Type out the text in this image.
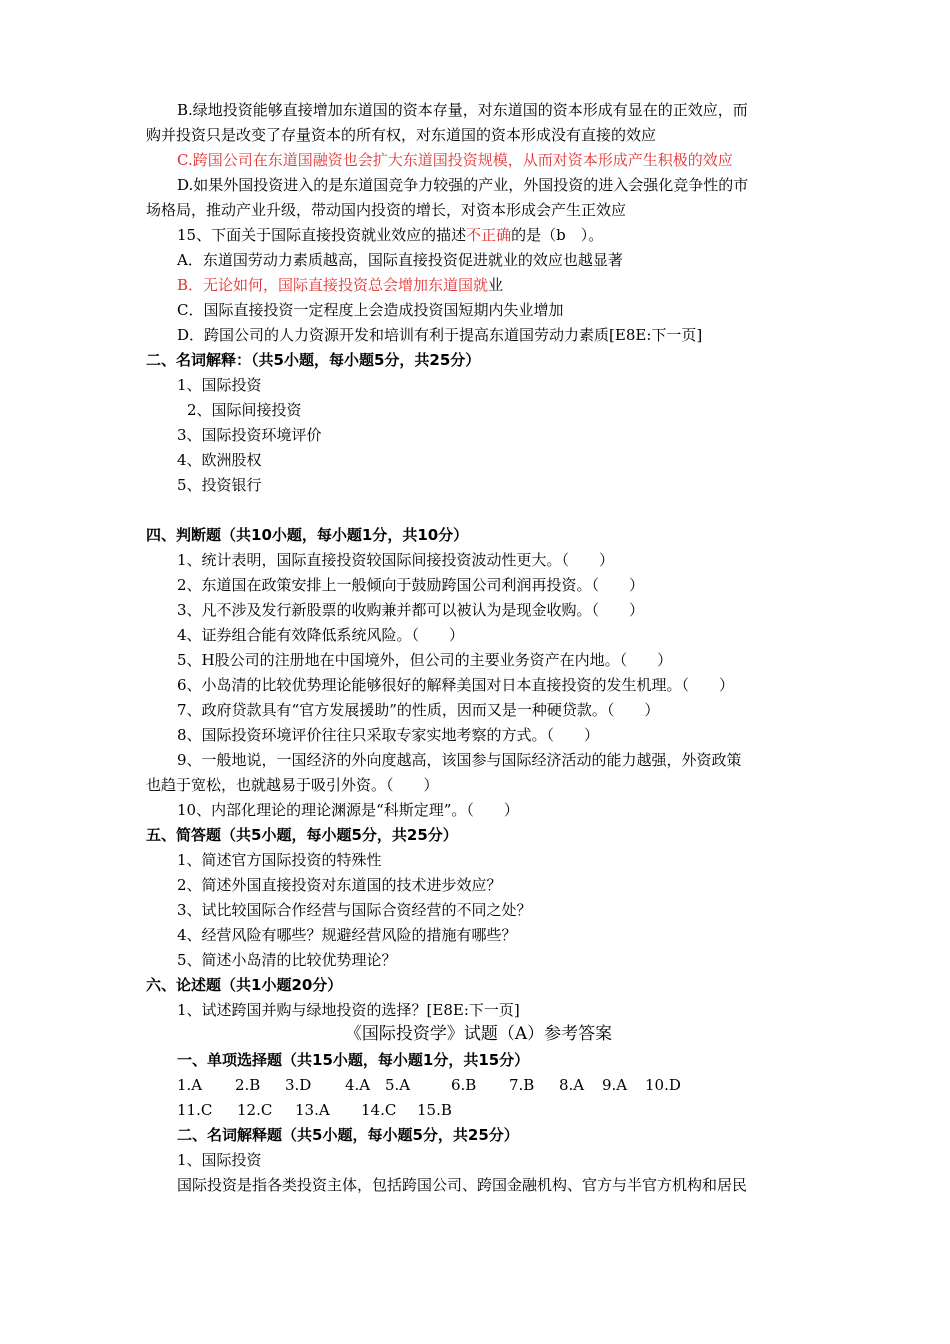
B.绿地投资能够直接增加东道国的资本存量，对东道国的资本形成有显在的正效应，而
购并投资只是改变了存量资本的所有权，对东道国的资本形成没有直接的效应
C.跨国公司在东道国融资也会扩大东道国投资规模，从而对资本形成产生积极的效应
D.如果外国投资进入的是东道国竞争力较强的产业，外国投资的进入会强化竞争性的市
场格局，推动产业升级，带动国内投资的增长，对资本形成会产生正效应
15、下面关于国际直接投资就业效应的描述不正确的是（b　）。
A．东道国劳动力素质越高，国际直接投资促进就业的效应也越显著
B．无论如何，国际直接投资总会增加东道国就业
C．国际直接投资一定程度上会造成投资国短期内失业增加
D．跨国公司的人力资源开发和培训有利于提高东道国劳动力素质[E8E:下一页]
二、名词解释：（共5小题，每小题5分，共25分）
1、国际投资
2、国际间接投资
3、国际投资环境评价
4、欧洲股权
5、投资银行
四、判断题（共10小题，每小题1分，共10分）
1、统计表明，国际直接投资较国际间接投资波动性更大。（　　）
2、东道国在政策安排上一般倾向于鼓励跨国公司利润再投资。（　　）
3、凡不涉及发行新股票的收购兼并都可以被认为是现金收购。（　　）
4、证券组合能有效降低系统风险。（　　）
5、H股公司的注册地在中国境外，但公司的主要业务资产在内地。（　　）
6、小岛清的比较优势理论能够很好的解释美国对日本直接投资的发生机理。（　　）
7、政府贷款具有“官方发展援助”的性质，因而又是一种硬贷款。（　　）
8、国际投资环境评价往往只采取专家实地考察的方式。（　　）
9、一般地说，一国经济的外向度越高，该国参与国际经济活动的能力越强，外资政策
也趋于宽松，也就越易于吸引外资。（　　）
10、内部化理论的理论渊源是“科斯定理”。（　　）
五、简答题（共5小题，每小题5分，共25分）
1、简述官方国际投资的特殊性
2、简述外国直接投资对东道国的技术进步效应？
3、试比较国际合作经营与国际合资经营的不同之处？
4、经营风险有哪些？规避经营风险的措施有哪些？
5、简述小岛清的比较优势理论？
六、论述题（共1小题20分）
1、试述跨国并购与绿地投资的选择？[E8E:下一页]
《国际投资学》试题（A）参考答案
一、单项选择题（共15小题，每小题1分，共15分）
1.A 2.B 3.D 4.A 5.A	6.B 7.B 8.A 9.A 10.D
11.C 12.C 13.A 14.C 15.B
二、名词解释题（共5小题，每小题5分，共25分）
1、国际投资
国际投资是指各类投资主体，包括跨国公司、跨国金融机构、官方与半官方机构和居民
